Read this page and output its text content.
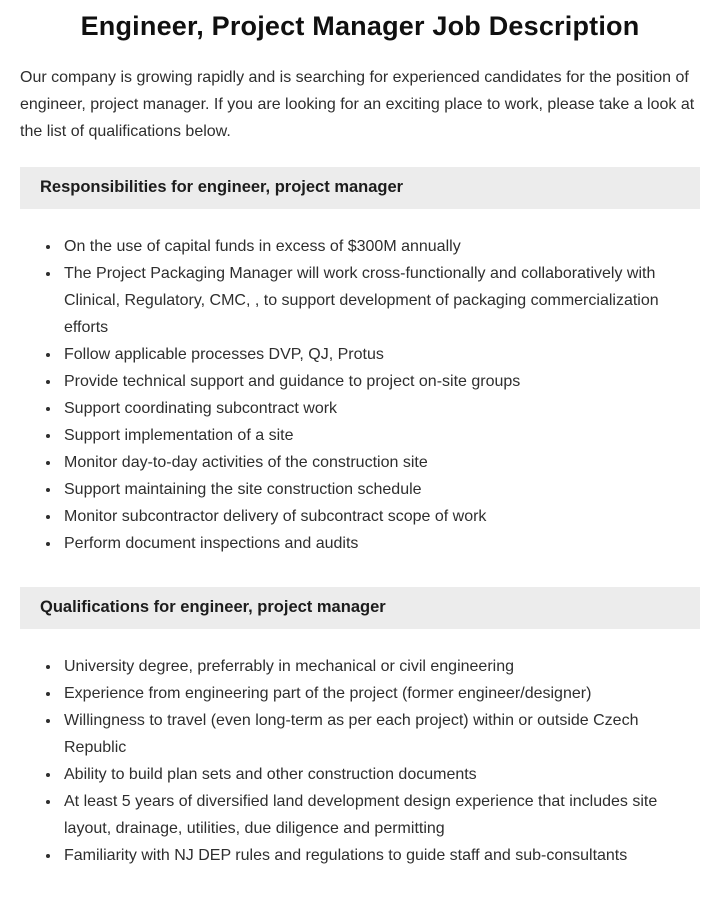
Engineer, Project Manager Job Description

Our company is growing rapidly and is searching for experienced candidates for the position of engineer, project manager. If you are looking for an exciting place to work, please take a look at the list of qualifications below.

Responsibilities for engineer, project manager
• On the use of capital funds in excess of $300M annually
• The Project Packaging Manager will work cross-functionally and collaboratively with Clinical, Regulatory, CMC, , to support development of packaging commercialization efforts
• Follow applicable processes DVP, QJ, Protus
• Provide technical support and guidance to project on-site groups
• Support coordinating subcontract work
• Support implementation of a site
• Monitor day-to-day activities of the construction site
• Support maintaining the site construction schedule
• Monitor subcontractor delivery of subcontract scope of work
• Perform document inspections and audits
Qualifications for engineer, project manager
• University degree, preferrably in mechanical or civil engineering
• Experience from engineering part of the project (former engineer/designer)
• Willingness to travel (even long-term as per each project) within or outside Czech Republic
• Ability to build plan sets and other construction documents
• At least 5 years of diversified land development design experience that includes site layout, drainage, utilities, due diligence and permitting
• Familiarity with NJ DEP rules and regulations to guide staff and sub-consultants
